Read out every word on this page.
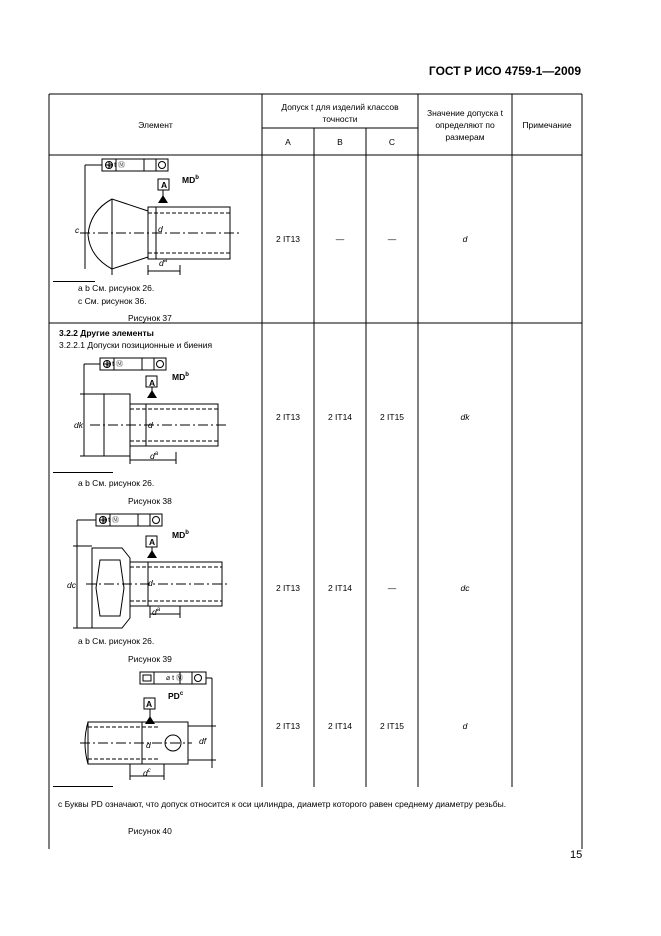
ГОСТ Р ИСО 4759-1—2009
Элемент
Допуск t для изделий классов точности
A	B	C
Значение допуска t определяют по размерам
Примечание
2 IT13	—	—	d
2 IT13	2 IT14	2 IT15	dk
2 IT13	2 IT14	—	dc
2 IT13	2 IT14	2 IT15	d
⌀ t Ⓜ
A $MD^b$
c	d
$d^a$
a b См. рисунок 26.
c См. рисунок 36.
Рисунок 37
3.2.2 Другие элементы
3.2.2.1 Допуски позиционные и биения
⌀ t Ⓜ
A
$MD^b$
dk	d
$d^a$
a b См. рисунок 26.
Рисунок 38
⌀ t Ⓜ
A
$MD^b$
dc	d
$d^a$
a b См. рисунок 26.
Рисунок 39
⌀ t Ⓜ
A
$PD^c$
d	df
$d^c$
c Буквы PD означают, что допуск относится к оси цилиндра, диаметр которого равен среднему диаметру резьбы.
Рисунок 40
15
